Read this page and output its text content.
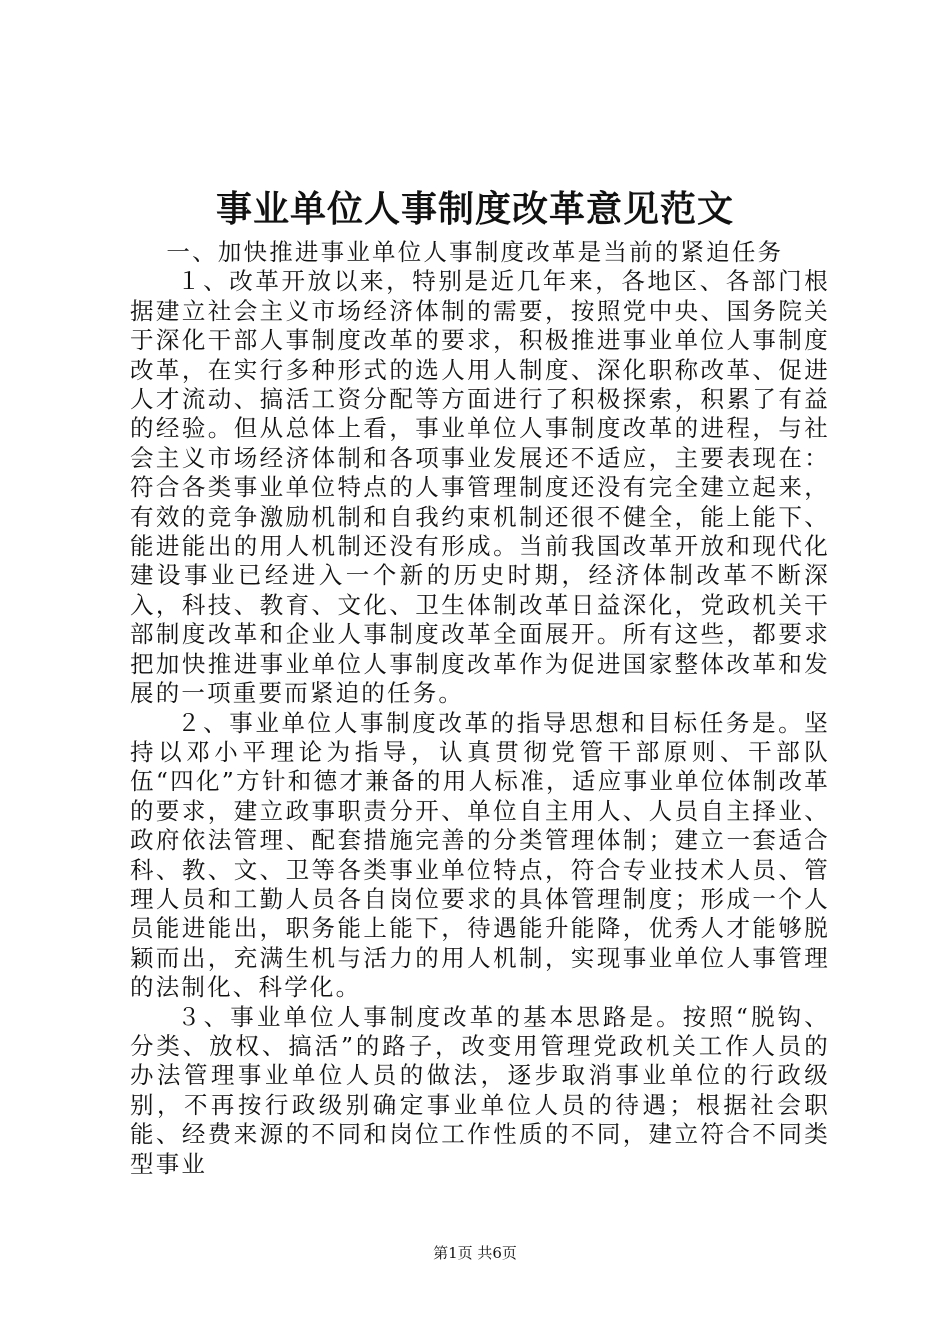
事业单位人事制度改革意见范文

一、加快推进事业单位人事制度改革是当前的紧迫任务

１、改革开放以来，特别是近几年来，各地区、各部门根据建立社会主义市场经济体制的需要，按照党中央、国务院关于深化干部人事制度改革的要求，积极推进事业单位人事制度改革，在实行多种形式的选人用人制度、深化职称改革、促进人才流动、搞活工资分配等方面进行了积极探索，积累了有益的经验。但从总体上看，事业单位人事制度改革的进程，与社会主义市场经济体制和各项事业发展还不适应，主要表现在：符合各类事业单位特点的人事管理制度还没有完全建立起来，有效的竞争激励机制和自我约束机制还很不健全，能上能下、能进能出的用人机制还没有形成。当前我国改革开放和现代化建设事业已经进入一个新的历史时期，经济体制改革不断深入，科技、教育、文化、卫生体制改革日益深化，党政机关干部制度改革和企业人事制度改革全面展开。所有这些，都要求把加快推进事业单位人事制度改革作为促进国家整体改革和发展的一项重要而紧迫的任务。

２、事业单位人事制度改革的指导思想和目标任务是。坚持以邓小平理论为指导，认真贯彻党管干部原则、干部队伍“四化”方针和德才兼备的用人标准，适应事业单位体制改革的要求，建立政事职责分开、单位自主用人、人员自主择业、政府依法管理、配套措施完善的分类管理体制；建立一套适合科、教、文、卫等各类事业单位特点，符合专业技术人员、管理人员和工勤人员各自岗位要求的具体管理制度；形成一个人员能进能出，职务能上能下，待遇能升能降，优秀人才能够脱颖而出，充满生机与活力的用人机制，实现事业单位人事管理的法制化、科学化。

３、事业单位人事制度改革的基本思路是。按照“脱钩、分类、放权、搞活”的路子，改变用管理党政机关工作人员的办法管理事业单位人员的做法，逐步取消事业单位的行政级别，不再按行政级别确定事业单位人员的待遇；根据社会职能、经费来源的不同和岗位工作性质的不同，建立符合不同类型事业

第1页 共6页
